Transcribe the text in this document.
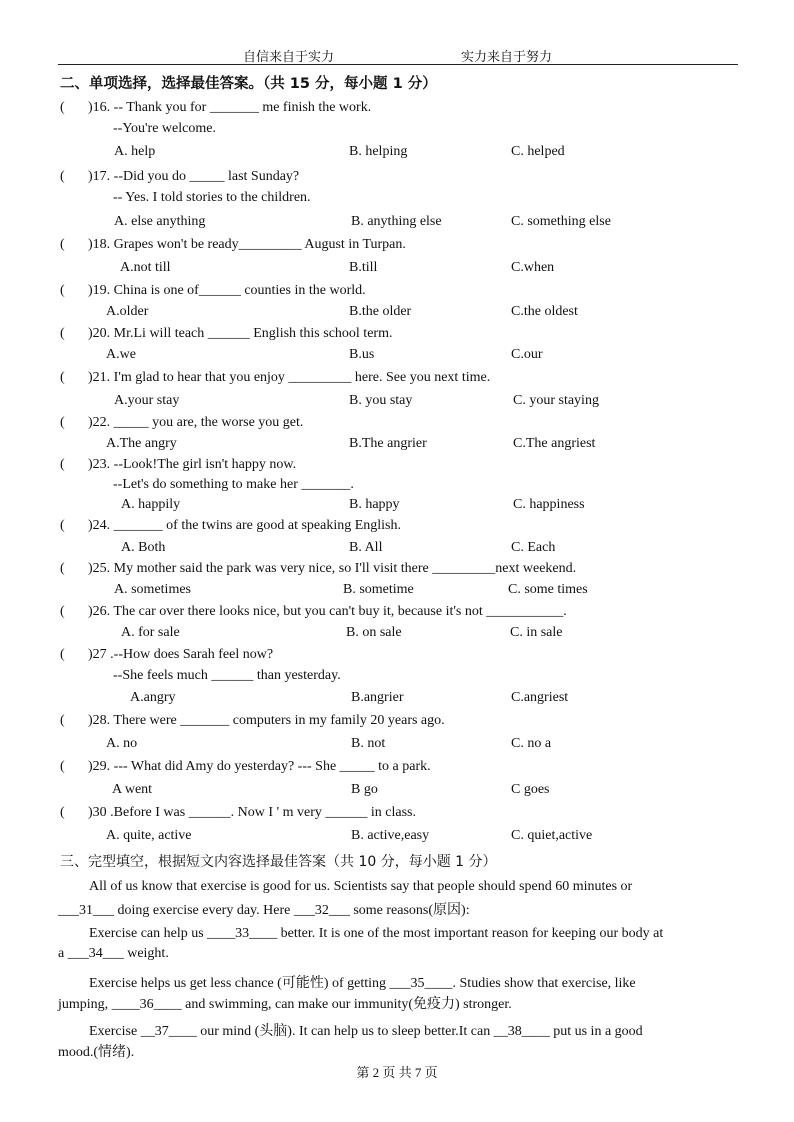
自信来自于实力	实力来自于努力
二、单项选择，选择最佳答案。（共 15 分，每小题 1 分）
( )16. -- Thank you for _______ me finish the work.
--You're welcome.
A. help	B. helping	C. helped
( )17. --Did you do _____ last Sunday?
-- Yes. I told stories to the children.
A. else anything	B. anything else	C. something else
( )18. Grapes won't be ready_________ August in Turpan.
A.not till	B.till	C.when
( )19. China is one of______ counties in the world.
A.older	B.the older	C.the oldest
( )20. Mr.Li will teach ______ English this school term.
A.we	B.us	C.our
( )21. I'm glad to hear that you enjoy _________ here. See you next time.
A.your stay	B. you stay	C. your staying
( )22. _____ you are, the worse you get.
A.The angry	B.The angrier	C.The angriest
( )23. --Look!The girl isn't happy now.
--Let's do something to make her _______.
A. happily	B. happy	C. happiness
( )24. _______ of the twins are good at speaking English.
A. Both	B. All	C. Each
( )25. My mother said the park was very nice, so I'll visit there _________next weekend.
A. sometimes	B. sometime	C. some times
( )26. The car over there looks nice, but you can't buy it, because it's not ___________.
A. for sale	B. on sale	C. in sale
( )27 .--How does Sarah feel now?
--She feels much ______ than yesterday.
A.angry	B.angrier	C.angriest
( )28. There were _______ computers in my family 20 years ago.
A. no	B. not	C. no a
( )29. --- What did Amy do yesterday? --- She _____ to a park.
A went	B go	C goes
( )30 .Before I was ______. Now I ' m very ______ in class.
A. quite, active	B. active,easy	C. quiet,active
三、完型填空，根据短文内容选择最佳答案（共 10 分，每小题 1 分）
All of us know that exercise is good for us. Scientists say that people should spend 60 minutes or
___31___ doing exercise every day. Here ___32___ some reasons(原因):
Exercise can help us ____33____ better. It is one of the most important reason for keeping our body at
a ___34___ weight.
Exercise helps us get less chance (可能性) of getting ___35____. Studies show that exercise, like
jumping, ____36____ and swimming, can make our immunity(免疫力) stronger.
Exercise __37____ our mind (头脑). It can help us to sleep better.It can __38____ put us in a good
mood.(情绪).
第 2 页 共 7 页
